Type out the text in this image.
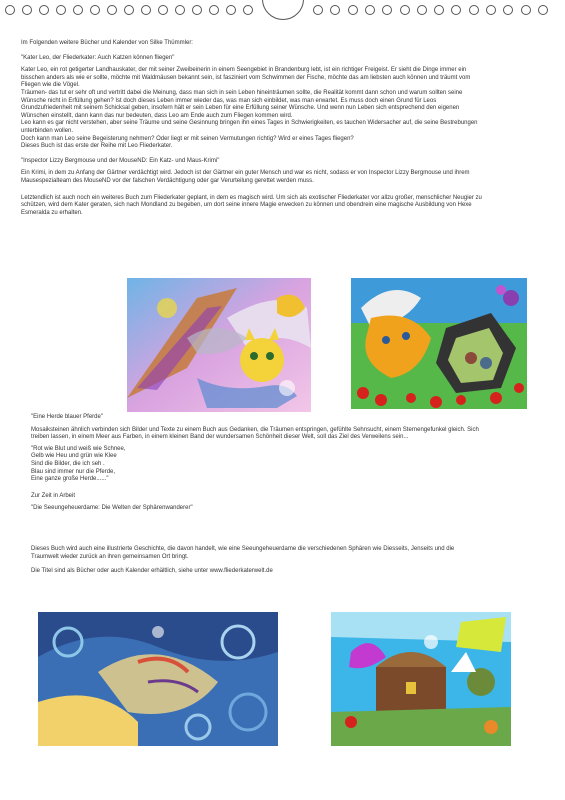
Im Folgenden weitere Bücher und Kalender von Silke Thümmler:

"Kater Leo, der Fliederkater: Auch Katzen können fliegen"

Kater Leo, ein rot getigerter Landhauskater, der mit seiner Zweibeinerin in einem Seengebiet in Brandenburg lebt, ist ein richtiger Freigeist. Er sieht die Dinge immer ein
bisschen anders als wie er sollte, möchte mit Waldmäusen bekannt sein, ist fasziniert vom Schwimmen der Fische, möchte das am liebsten auch können und träumt vom
Fliegen wie die Vögel.
Träumen- das tut er sehr oft und vertritt dabei die Meinung, dass man sich in sein Leben hineinträumen sollte, die Realität kommt dann schon und warum sollten seine
Wünsche nicht in Erfüllung gehen? Ist doch dieses Leben immer wieder das, was man sich einbildet, was man erwartet. Es muss doch einen Grund für Leos
Grundzufriedenheit mit seinem Schicksal geben, insofern hält er sein Leben für eine Erfüllung seiner Wünsche. Und wenn nun Leben sich entsprechend den eigenen
Wünschen einstellt, dann kann das nur bedeuten, dass Leo am Ende auch zum Fliegen kommen wird.
Leo kann es gar nicht verstehen, aber seine Träume und seine Gesinnung bringen ihn eines Tages in Schwierigkeiten, es tauchen Widersacher auf, die seine Bestrebungen
unterbinden wollen.
Doch kann man Leo seine Begeisterung nehmen? Oder liegt er mit seinen Vermutungen richtig? Wird er eines Tages fliegen?
Dieses Buch ist das erste der Reihe mit Leo Fliederkater.

"Inspector Lizzy Bergmouse und der MouseND: Ein Katz- und Maus-Krimi"

Ein Krimi, in dem zu Anfang der Gärtner verdächtigt wird. Jedoch ist der Gärtner ein guter Mensch und war es nicht, sodass er von Inspector Lizzy Bergmouse und ihrem
Mausespezialteam des MouseND vor der falschen Verdächtigung oder gar Verurteilung gerettet werden muss.
Letztendlich ist auch noch ein weiteres Buch zum Fliederkater geplant, in dem es magisch wird. Um sich als exotischer Fliederkater vor allzu großer, menschlicher Neugier zu
schützen, wird dem Kater geraten, sich nach Mondland zu begeben, um dort seine innere Magie erwecken zu können und obendrein eine magische Ausbildung von Hexe
Esmeralda zu erhalten.

"Eine Herde blauer Pferde"

Mosaiksteinen ähnlich verbinden sich Bilder und Texte zu einem Buch aus Gedanken, die Träumen entspringen, gefühlte Sehnsucht, einem Sternengefunkel gleich. Sich
treiben lassen, in einem Meer aus Farben, in einem kleinen Band der wundersamen Schönheit dieser Welt, soll das Ziel des Verweilens sein...
"Rot wie Blut und weiß wie Schnee,
Gelb wie Heu und grün wie Klee
Sind die Bilder, die ich seh .
Blau sind immer nur die Pferde,
Eine ganze große Herde......"

Zur Zeit in Arbeit

"Die Seeungeheuerdame: Die Welten der Sphärenwanderer"

Dieses Buch wird auch eine illustrierte Geschichte, die davon handelt, wie eine Seeungeheuerdame die verschiedenen Sphären wie Diesseits, Jenseits und die
Traumwelt wieder zurück an ihren gemeinsamen Ort bringt.
Die Titel sind als Bücher oder auch Kalender erhältlich, siehe unter www.fliederkaterwelt.de
